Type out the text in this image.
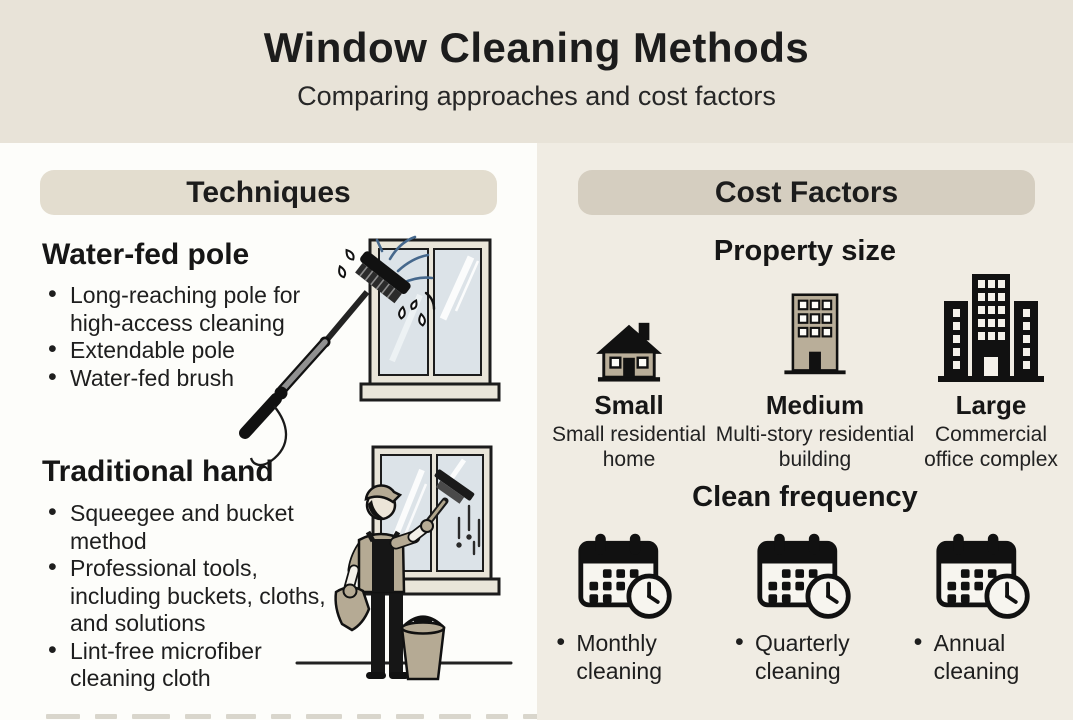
Window Cleaning Methods

Comparing approaches and cost factors

Techniques
Water-fed pole
• Long-reaching pole for high-access cleaning
• Extendable pole
• Water-fed brush
Traditional hand
• Squeegee and bucket method
• Professional tools, including buckets, cloths, and solutions
• Lint-free microfiber cleaning cloth
Cost Factors
Property size
Small
Small residential home
Medium
Multi-story residential building
Large
Commercial office complex
Clean frequency
• Monthly cleaning
• Quarterly cleaning
• Annual cleaning
